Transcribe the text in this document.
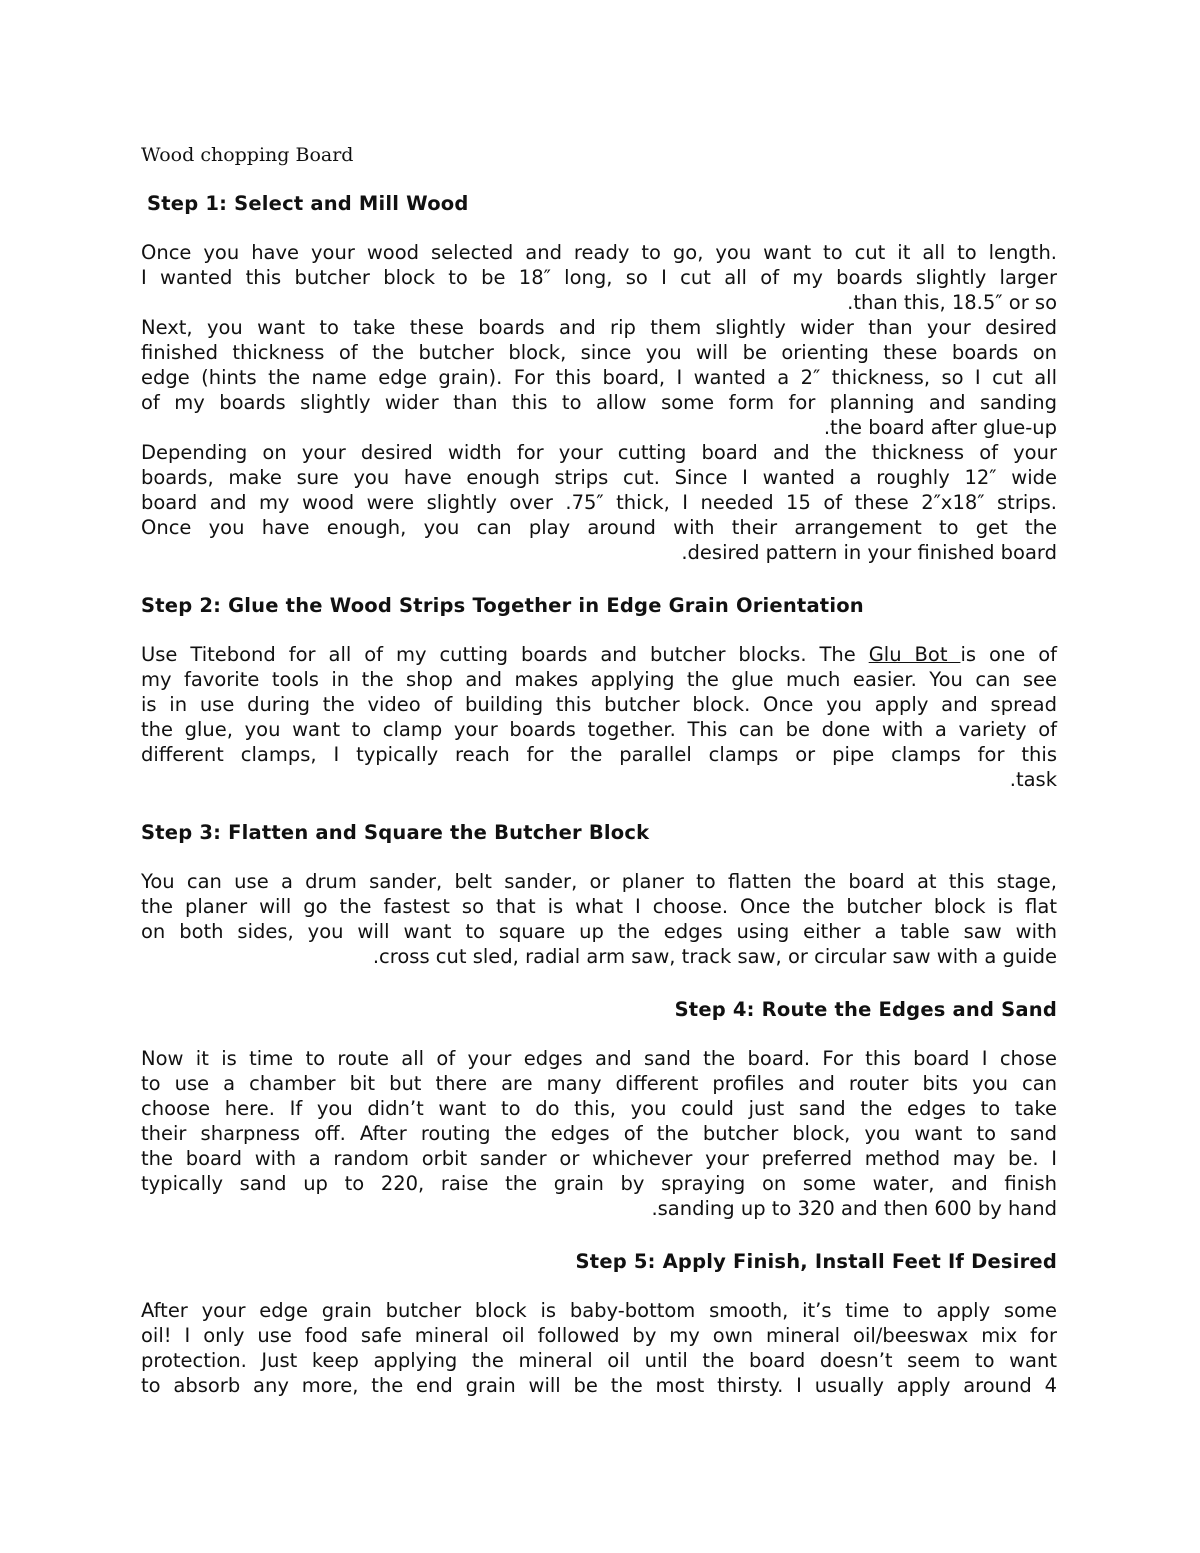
Wood chopping Board
Step 1: Select and Mill Wood
Once you have your wood selected and ready to go, you want to cut it all to length.
I wanted this butcher block to be 18″ long, so I cut all of my boards slightly larger
.than this, 18.5″ or so
Next, you want to take these boards and rip them slightly wider than your desired
finished thickness of the butcher block, since you will be orienting these boards on
edge (hints the name edge grain). For this board, I wanted a 2″ thickness, so I cut all
of my boards slightly wider than this to allow some form for planning and sanding
.the board after glue-up
Depending on your desired width for your cutting board and the thickness of your
boards, make sure you have enough strips cut. Since I wanted a roughly 12″ wide
board and my wood were slightly over .75″ thick, I needed 15 of these 2″x18″ strips.
Once you have enough, you can play around with their arrangement to get the
.desired pattern in your finished board
Step 2: Glue the Wood Strips Together in Edge Grain Orientation
Use Titebond for all of my cutting boards and butcher blocks. The Glu Bot is one of
my favorite tools in the shop and makes applying the glue much easier. You can see
is in use during the video of building this butcher block. Once you apply and spread
the glue, you want to clamp your boards together. This can be done with a variety of
different clamps, I typically reach for the parallel clamps or pipe clamps for this
.task
Step 3: Flatten and Square the Butcher Block
You can use a drum sander, belt sander, or planer to flatten the board at this stage,
the planer will go the fastest so that is what I choose. Once the butcher block is flat
on both sides, you will want to square up the edges using either a table saw with
.cross cut sled, radial arm saw, track saw, or circular saw with a guide
Step 4: Route the Edges and Sand
Now it is time to route all of your edges and sand the board. For this board I chose
to use a chamber bit but there are many different profiles and router bits you can
choose here. If you didn’t want to do this, you could just sand the edges to take
their sharpness off. After routing the edges of the butcher block, you want to sand
the board with a random orbit sander or whichever your preferred method may be. I
typically sand up to 220, raise the grain by spraying on some water, and finish
.sanding up to 320 and then 600 by hand
Step 5: Apply Finish, Install Feet If Desired
After your edge grain butcher block is baby-bottom smooth, it’s time to apply some
oil! I only use food safe mineral oil followed by my own mineral oil/beeswax mix for
protection. Just keep applying the mineral oil until the board doesn’t seem to want
to absorb any more, the end grain will be the most thirsty. I usually apply around 4
